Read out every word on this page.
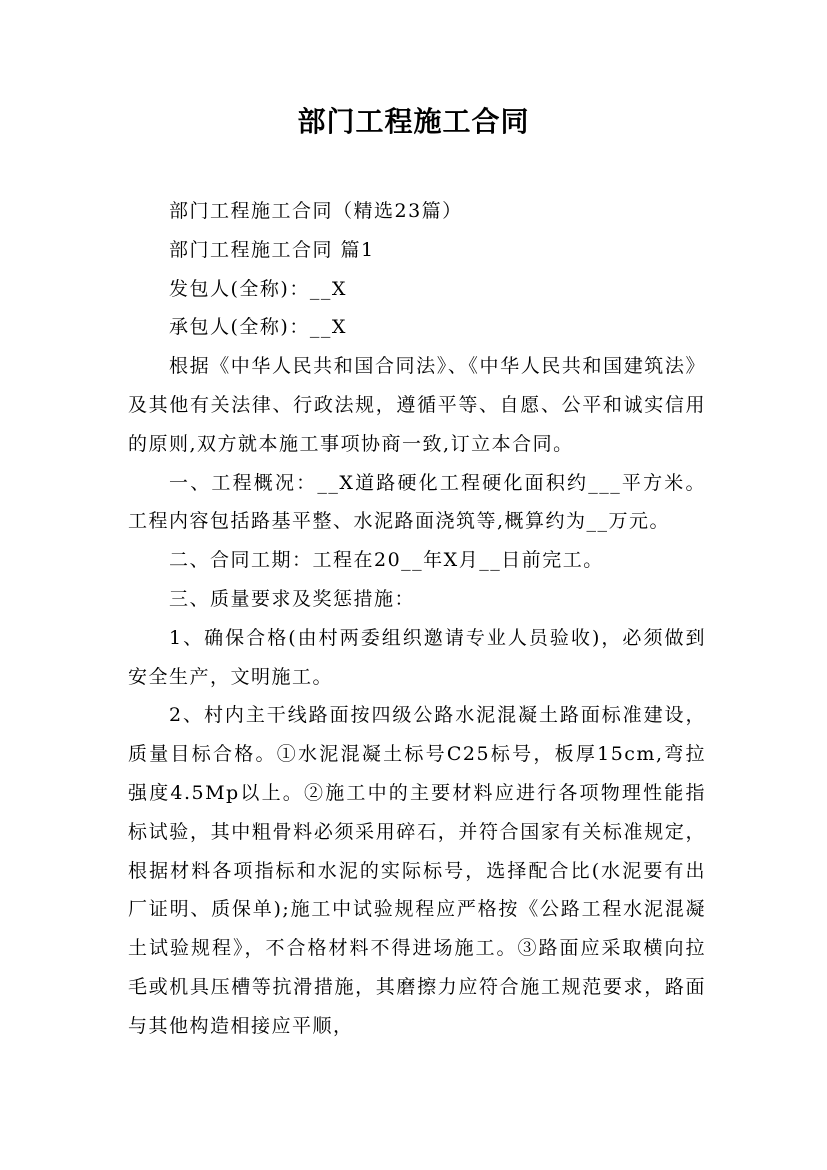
部门工程施工合同

部门工程施工合同（精选23篇）

部门工程施工合同 篇1

发包人(全称)：__X

承包人(全称)：__X

根据《中华人民共和国合同法》、《中华人民共和国建筑法》及其他有关法律、行政法规，遵循平等、自愿、公平和诚实信用的原则,双方就本施工事项协商一致,订立本合同。

一、工程概况：__X道路硬化工程硬化面积约___平方米。工程内容包括路基平整、水泥路面浇筑等,概算约为__万元。

二、合同工期：工程在20__年X月__日前完工。

三、质量要求及奖惩措施：

1、确保合格(由村两委组织邀请专业人员验收)，必须做到安全生产，文明施工。

2、村内主干线路面按四级公路水泥混凝土路面标准建设，质量目标合格。①水泥混凝土标号C25标号，板厚15cm,弯拉强度4.5Mp以上。②施工中的主要材料应进行各项物理性能指标试验，其中粗骨料必须采用碎石，并符合国家有关标准规定，根据材料各项指标和水泥的实际标号，选择配合比(水泥要有出厂证明、质保单);施工中试验规程应严格按《公路工程水泥混凝土试验规程》，不合格材料不得进场施工。③路面应采取横向拉毛或机具压槽等抗滑措施，其磨擦力应符合施工规范要求，路面与其他构造相接应平顺，
